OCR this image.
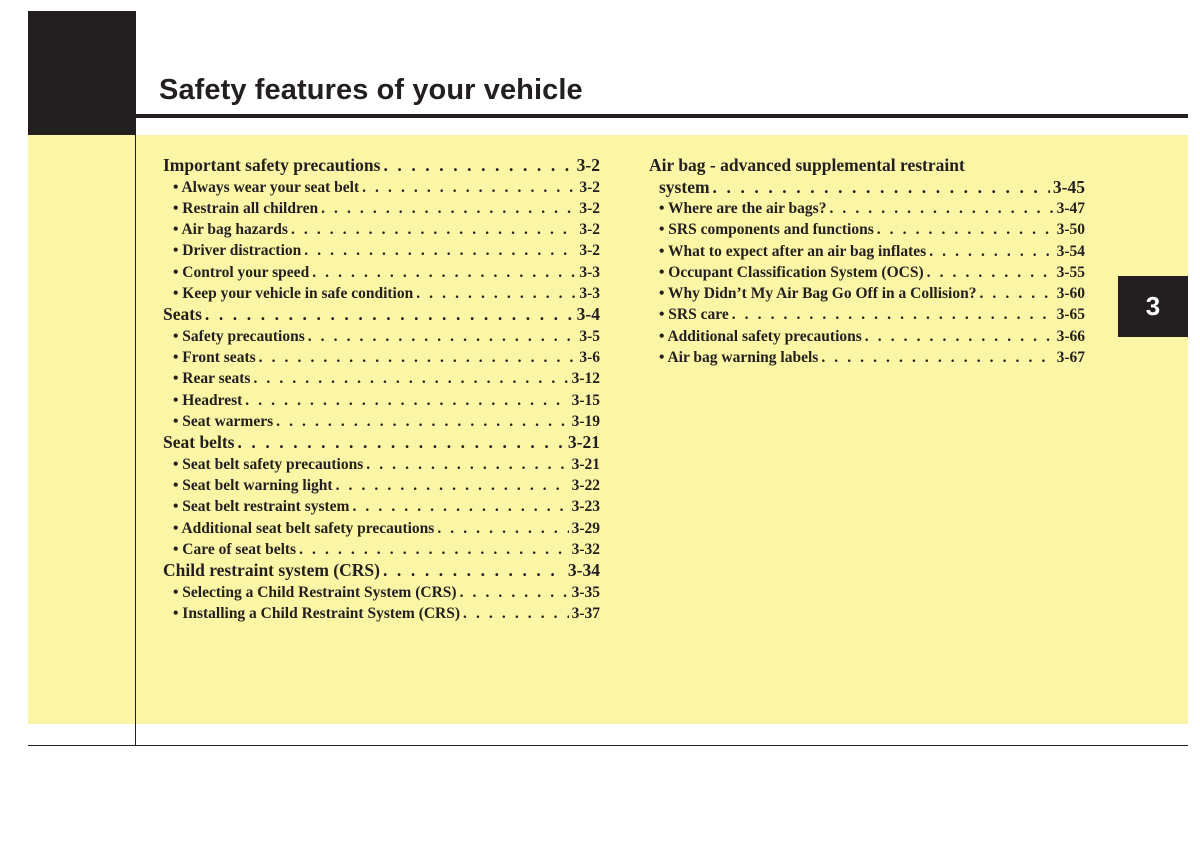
Safety features of your vehicle
3
Important safety precautions . . .	3-2
• Always wear your seat belt . . .	3-2
• Restrain all children . . .	3-2
• Air bag hazards . . .	3-2
• Driver distraction . . .	3-2
• Control your speed . . .	3-3
• Keep your vehicle in safe condition . . .	3-3
Seats . . .	3-4
• Safety precautions . . .	3-5
• Front seats . . .	3-6
• Rear seats . . .	3-12
• Headrest . . .	3-15
• Seat warmers . . .	3-19
Seat belts . . .	3-21
• Seat belt safety precautions . . .	3-21
• Seat belt warning light . . .	3-22
• Seat belt restraint system . . .	3-23
• Additional seat belt safety precautions . . .	3-29
• Care of seat belts . . .	3-32
Child restraint system (CRS) . . .	3-34
• Selecting a Child Restraint System (CRS) . . .	3-35
• Installing a Child Restraint System (CRS) . . .	3-37
Air bag - advanced supplemental restraint
system . . .	3-45
• Where are the air bags? . . .	3-47
• SRS components and functions . . .	3-50
• What to expect after an air bag inflates . . .	3-54
• Occupant Classification System (OCS) . . .	3-55
• Why Didn’t My Air Bag Go Off in a Collision? . . .	3-60
• SRS care . . .	3-65
• Additional safety precautions . . .	3-66
• Air bag warning labels . . .	3-67
